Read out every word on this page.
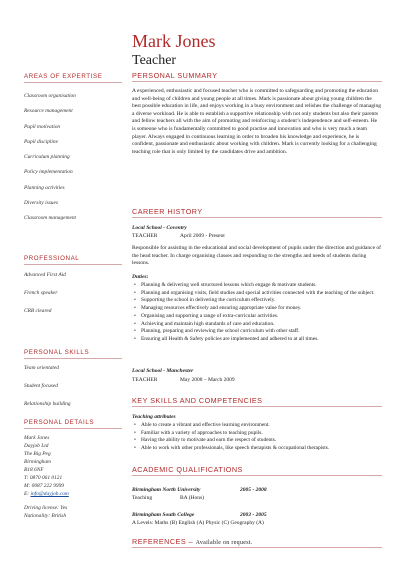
Mark Jones
Teacher
AREAS OF EXPERTISE
Classroom organisation
Resource management
Pupil motivation
Pupil discipline
Curriculum planning
Policy implementation
Planning activities
Diversity issues
Classroom management
PROFESSIONAL
Advanced First Aid
French speaker
CRB cleared
PERSONAL SKILLS
Team orientated
Student focused
Relationship building
PERSONAL DETAILS
Mark Jones
Dayjob Ltd
The Big Peg
Birmingham
B18 6NF
T: 0870 061 0121
M: 0087 222 9999
E: info@dayjob.com
Driving license: Yes
Nationality: British
PERSONAL SUMMARY
A experienced, enthusiastic and focused teacher who is committed to safeguarding and promoting the education and well-being of children and young people at all times. Mark is passionate about giving young children the best possible education in life, and enjoys working in a busy environment and relishes the challenge of managing a diverse workload. He is able to establish a supportive relationship with not only students but also their parents and fellow teachers all with the aim of promoting and reinforcing a student’s independence and self-esteem. He is someone who is fundamentally committed to good practise and innovation and who is very much a team player. Always engaged in continuous learning in order to broaden his knowledge and experience, he is confident, passionate and enthusiastic about working with children. Mark is currently looking for a challenging teaching role that is only limited by the candidates drive and ambition.
CAREER HISTORY
Local School - Coventry
TEACHER	April 2009 - Present
Responsible for assisting in the educational and social development of pupils under the direction and guidance of the head teacher. In charge organising classes and responding to the strengths and needs of students during lessons.
Duties:
• Planning & delivering well structured lessons which engage & motivate students.
• Planning and organising visits, field studies and special activities connected with the teaching of the subject.
• Supporting the school in delivering the curriculum effectively.
• Managing resources effectively and ensuring appropriate value for money.
• Organising and supporting a range of extra-curricular activities.
• Achieving and maintain high standards of care and education.
• Planning, preparing and reviewing the school curriculum with other staff.
• Ensuring all Health & Safety policies are implemented and adhered to at all times.
Local School - Manchester
TEACHER	May 2008 – March 2009
KEY SKILLS AND COMPETENCIES
Teaching attributes
• Able to create a vibrant and effective learning environment.
• Familiar with a variety of approaches to teaching pupils.
• Having the ability to motivate and earn the respect of students.
• Able to work with other professionals, like speech therapists & occupational therapists.
ACADEMIC QUALIFICATIONS
Birmingham North University	2005 - 2008
Teaching	BA (Hons)
Birmingham South College	2003 - 2005
A Levels: Maths (B) English (A) Physic (C) Geography (A)
REFERENCES – Available on request.
